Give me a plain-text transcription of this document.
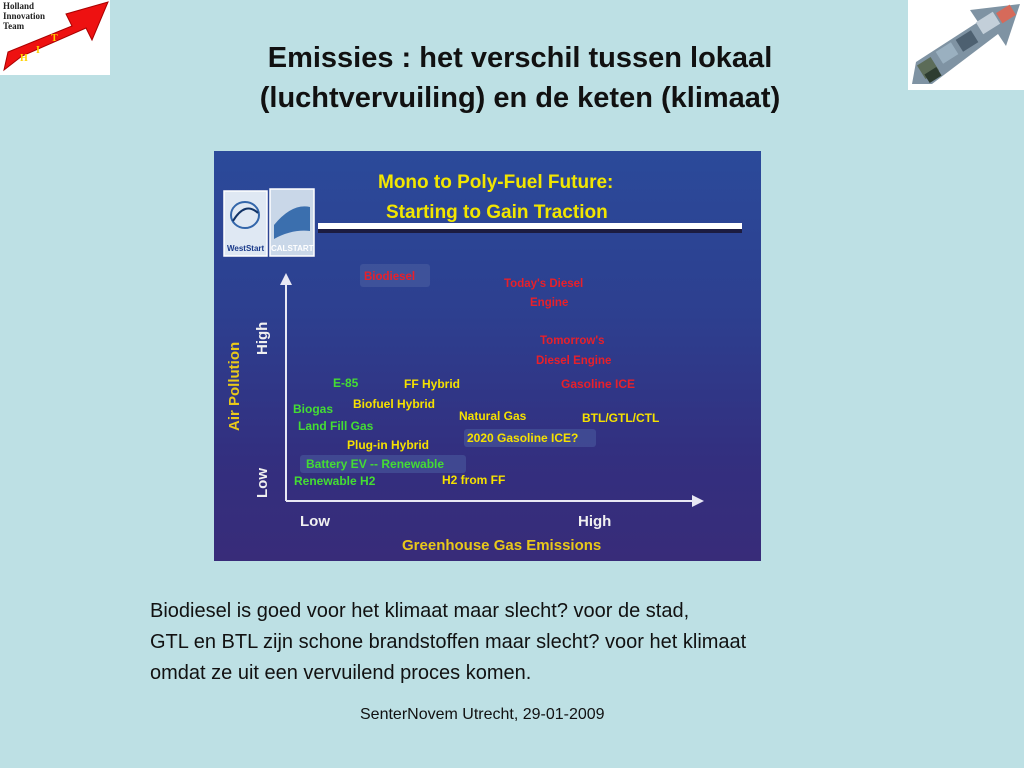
Holland
Innovation
Team
H
I
T
Emissies : het verschil tussen lokaal
(luchtvervuiling) en de keten (klimaat)
WestStart CALSTART
Mono to Poly-Fuel Future:
Starting to Gain Traction
Air Pollution
High
Low
Low	High
Greenhouse Gas Emissions
Biodiesel
Today's Diesel
Engine
Tomorrow's
Diesel Engine
E-85	FF Hybrid	Gasoline ICE
Biogas Biofuel Hybrid
Natural Gas	BTL/GTL/CTL
Land Fill Gas
2020 Gasoline ICE?
Plug-in Hybrid
Battery EV -- Renewable
Renewable H2	H2 from FF
Biodiesel is goed voor het klimaat maar slecht? voor de stad,
GTL en BTL zijn schone brandstoffen maar slecht? voor het klimaat
omdat ze uit een vervuilend proces komen.
SenterNovem Utrecht, 29-01-2009
